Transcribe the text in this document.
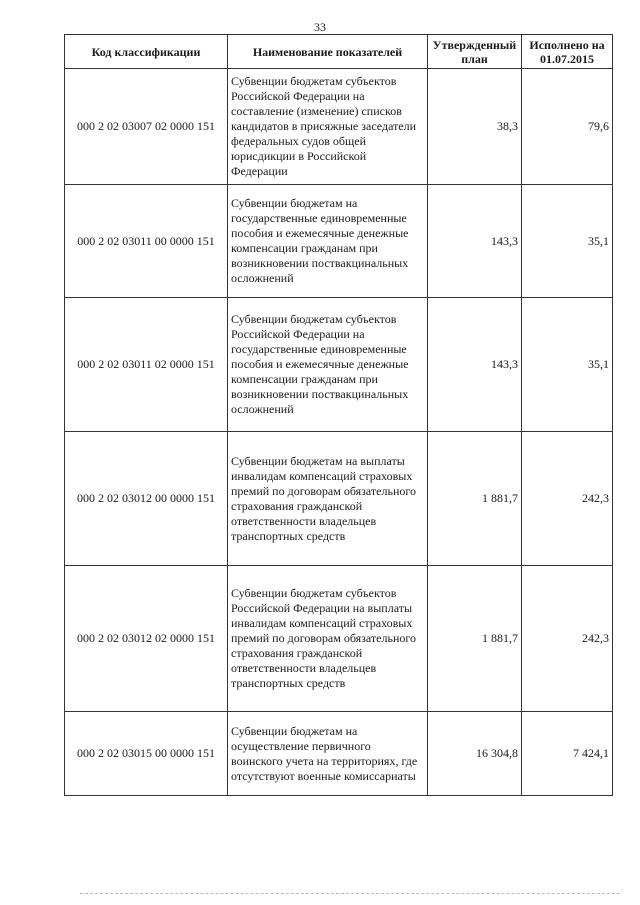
33
Код классификации	Наименование показателей	Утвержденный план	Исполнено на 01.07.2015
000 2 02 03007 02 0000 151	Субвенции бюджетам субъектов Российской Федерации на составление (изменение) списков кандидатов в присяжные заседатели федеральных судов общей юрисдикции в Российской Федерации	38,3	79,6
000 2 02 03011 00 0000 151	Субвенции бюджетам на государственные единовременные пособия и ежемесячные денежные компенсации гражданам при возникновении поствакцинальных осложнений	143,3	35,1
000 2 02 03011 02 0000 151	Субвенции бюджетам субъектов Российской Федерации на государственные единовременные пособия и ежемесячные денежные компенсации гражданам при возникновении поствакцинальных осложнений	143,3	35,1
000 2 02 03012 00 0000 151	Субвенции бюджетам на выплаты инвалидам компенсаций страховых премий по договорам обязательного страхования гражданской ответственности владельцев транспортных средств	1 881,7	242,3
000 2 02 03012 02 0000 151	Субвенции бюджетам субъектов Российской Федерации на выплаты инвалидам компенсаций страховых премий по договорам обязательного страхования гражданской ответственности владельцев транспортных средств	1 881,7	242,3
000 2 02 03015 00 0000 151	Субвенции бюджетам на осуществление первичного воинского учета на территориях, где отсутствуют военные комиссариаты	16 304,8	7 424,1
